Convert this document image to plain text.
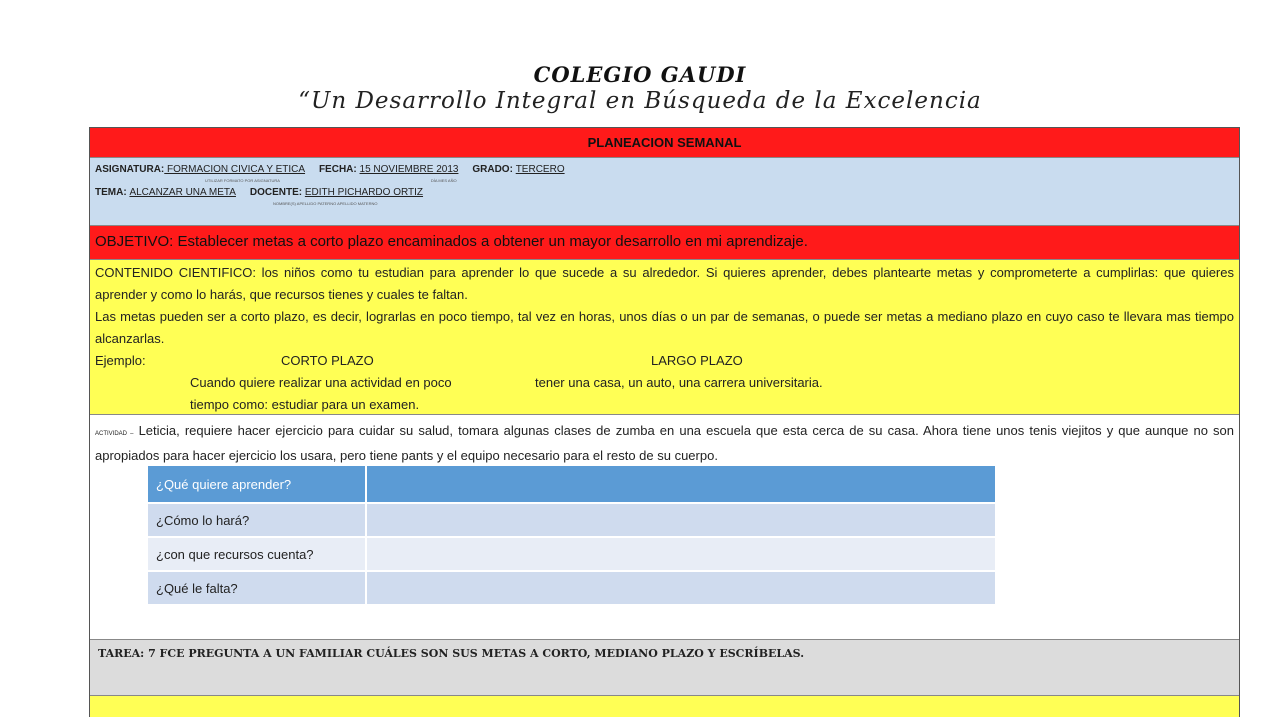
COLEGIO GAUDI
“Un Desarrollo Integral en Búsqueda de la Excelencia
PLANEACION SEMANAL
ASIGNATURA: FORMACION CIVICA Y ETICA FECHA: 15 NOVIEMBRE 2013 GRADO: TERCERO
UTILIZAR FORMATO POR ASIGNATURA	DÍA MES AÑO
TEMA: ALCANZAR UNA META DOCENTE: EDITH PICHARDO ORTIZ
NOMBRE(S) APELLIDO PATERNO APELLIDO MATERNO
OBJETIVO: Establecer metas a corto plazo encaminados a obtener un mayor desarrollo en mi aprendizaje.
CONTENIDO CIENTIFICO: los niños como tu estudian para aprender lo que sucede a su alrededor. Si quieres aprender, debes plantearte metas y comprometerte a cumplirlas: que quieres aprender y como lo harás, que recursos tienes y cuales te faltan.
Las metas pueden ser a corto plazo, es decir, lograrlas en poco tiempo, tal vez en horas, unos días o un par de semanas, o puede ser metas a mediano plazo en cuyo caso te llevara mas tiempo alcanzarlas.
Ejemplo:	CORTO PLAZO	LARGO PLAZO
Cuando quiere realizar una actividad en poco	tener una casa, un auto, una carrera universitaria.
tiempo como: estudiar para un examen.
ACTIVIDAD – Leticia, requiere hacer ejercicio para cuidar su salud, tomara algunas clases de zumba en una escuela que esta cerca de su casa. Ahora tiene unos tenis viejitos y que aunque no son apropiados para hacer ejercicio los usara, pero tiene pants y el equipo necesario para el resto de su cuerpo.
TAREA: 7 FCE PREGUNTA A UN FAMILIAR CUÁLES SON SUS METAS A CORTO, MEDIANO PLAZO Y ESCRÍBELAS.
¿Qué quiere aprender?	
¿Cómo lo hará?	
¿con que recursos cuenta?	
¿Qué le falta?	
